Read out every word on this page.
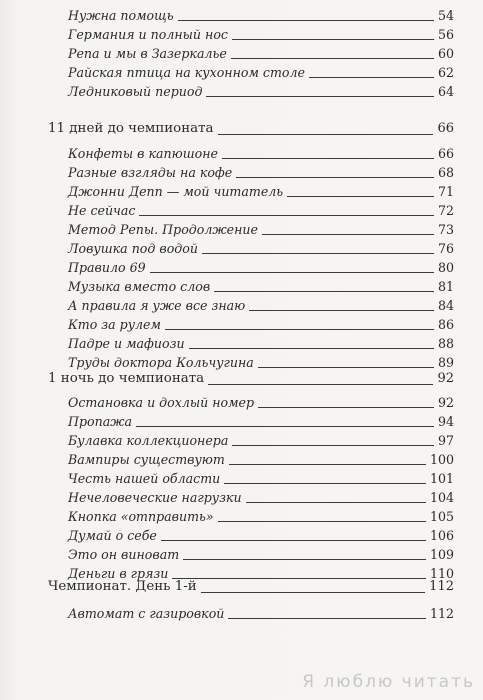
Нужна помощь	54
Германия и полный нос	56
Репа и мы в Зазеркалье	60
Райская птица на кухонном столе	62
Ледниковый период	64
11 дней до чемпионата	66
Конфеты в капюшоне	66
Разные взгляды на кофе	68
Джонни Депп — мой читатель	71
Не сейчас	72
Метод Репы. Продолжение	73
Ловушка под водой	76
Правило 69	80
Музыка вместо слов	81
А правила я уже все знаю	84
Кто за рулем	86
Падре и мафиози	88
Труды доктора Кольчугина	89
1 ночь до чемпионата	92
Остановка и дохлый номер	92
Пропажа	94
Булавка коллекционера	97
Вампиры существуют	100
Честь нашей области	101
Нечеловеческие нагрузки	104
Кнопка «отправить»	105
Думай о себе	106
Это он виноват	109
Деньги в грязи	110
Чемпионат. День 1-й	112
Автомат с газировкой	112
Я люблю читать
